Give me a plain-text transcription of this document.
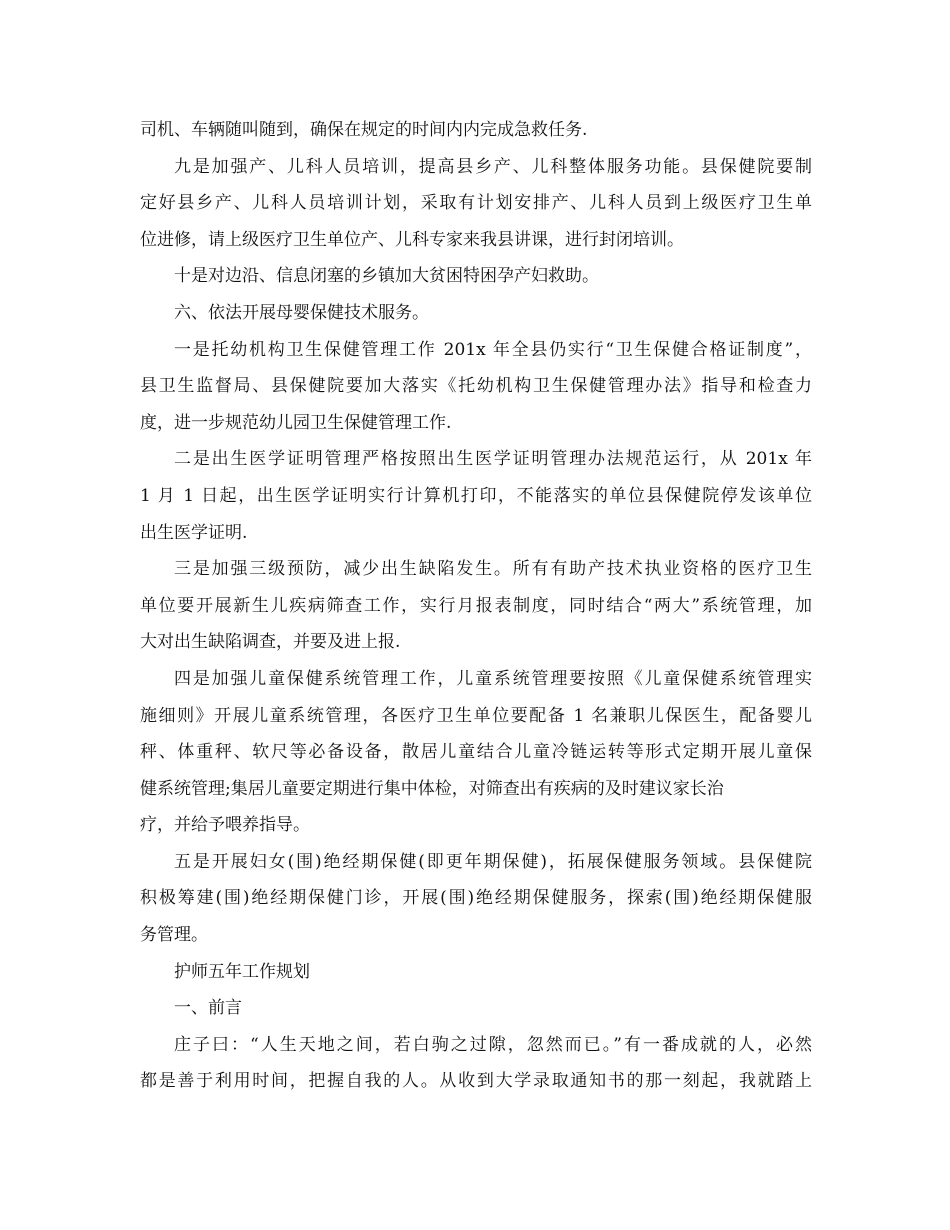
司机、车辆随叫随到，确保在规定的时间内内完成急救任务.
九是加强产、儿科人员培训，提高县乡产、儿科整体服务功能。县保健院要制
定好县乡产、儿科人员培训计划，采取有计划安排产、儿科人员到上级医疗卫生单
位进修，请上级医疗卫生单位产、儿科专家来我县讲课，进行封闭培训。
十是对边沿、信息闭塞的乡镇加大贫困特困孕产妇救助。
六、依法开展母婴保健技术服务。
一是托幼机构卫生保健管理工作 201x 年全县仍实行“卫生保健合格证制度”，
县卫生监督局、县保健院要加大落实《托幼机构卫生保健管理办法》指导和检查力
度，进一步规范幼儿园卫生保健管理工作.
二是出生医学证明管理严格按照出生医学证明管理办法规范运行，从 201x 年
1 月 1 日起，出生医学证明实行计算机打印，不能落实的单位县保健院停发该单位
出生医学证明.
三是加强三级预防，减少出生缺陷发生。所有有助产技术执业资格的医疗卫生
单位要开展新生儿疾病筛查工作，实行月报表制度，同时结合“两大”系统管理，加
大对出生缺陷调查，并要及进上报.
四是加强儿童保健系统管理工作，儿童系统管理要按照《儿童保健系统管理实
施细则》开展儿童系统管理，各医疗卫生单位要配备 1 名兼职儿保医生，配备婴儿
秤、体重秤、软尺等必备设备，散居儿童结合儿童冷链运转等形式定期开展儿童保
健系统管理;集居儿童要定期进行集中体检，对筛查出有疾病的及时建议家长治
疗，并给予喂养指导。
五是开展妇女(围)绝经期保健(即更年期保健)，拓展保健服务领域。县保健院
积极筹建(围)绝经期保健门诊，开展(围)绝经期保健服务，探索(围)绝经期保健服
务管理。
护师五年工作规划
一、前言
庄子曰：“人生天地之间，若白驹之过隙，忽然而已。”有一番成就的人，必然
都是善于利用时间，把握自我的人。从收到大学录取通知书的那一刻起，我就踏上
